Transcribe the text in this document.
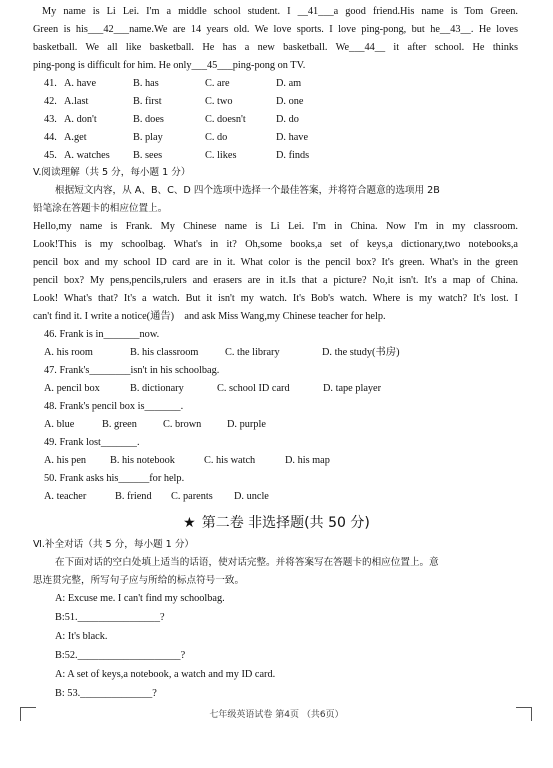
My name is Li Lei. I'm a middle school student. I __41___a good friend.His name is Tom Green.
Green is his___42___name.We are 14 years old. We love sports. I love ping-pong, but he__43__. He loves
basketball. We all like basketball. He has a new basketball. We___44__ it after school. He thinks
ping-pong is difficult for him. He only___45___ping-pong on TV.
41. A. have	B. has	C. are	D. am
42. A.last	B. first	C. two	D. one
43. A. don't	B. does	C. doesn't	D. do
44. A.get	B. play	C. do	D. have
45. A. watches B. sees	C. likes	D. finds
V.阅读理解（共 5 分，每小题 1 分）
根据短文内容，从 A、B、C、D 四个选项中选择一个最佳答案，并将符合题意的选项用 2B
铅笔涂在答题卡的相应位置上。
Hello,my name is Frank. My Chinese name is Li Lei. I'm in China. Now I'm in my classroom.
Look!This is my schoolbag. What's in it? Oh,some books,a set of keys,a dictionary,two notebooks,a
pencil box and my school ID card are in it. What color is the pencil box? It's green. What's in the green
pencil box? My pens,pencils,rulers and erasers are in it.Is that a picture? No,it isn't. It's a map of China.
Look! What's that? It's a watch. But it isn't my watch. It's Bob's watch. Where is my watch? It's lost. I
can't find it. I write a notice(通告)　and ask Miss Wang,my Chinese teacher for help.
46. Frank is in_______now.
A. his room	B. his classroom	C. the library	D. the study(书房)
47. Frank's________isn't in his schoolbag.
A. pencil box	B. dictionary	C. school ID card	D. tape player
48. Frank's pencil box is_______.
A. blue	B. green	C. brown D. purple
49. Frank lost_______.
A. his pen B. his notebook	C. his watch	D. his map
50. Frank asks his______for help.
A. teacher	B. friend C. parents D. uncle
★ 第二卷 非选择题(共 50 分)
Ⅵ.补全对话（共 5 分，每小题 1 分）
在下面对话的空白处填上适当的话语，使对话完整。并将答案写在答题卡的相应位置上。意
思连贯完整，所写句子应与所给的标点符号一致。
A: Excuse me. I can't find my schoolbag.
B:51.________________?
A: It's black.
B:52.____________________?
A: A set of keys,a notebook, a watch and my ID card.
B: 53.______________?
七年级英语试卷 第4页 （共6页）
